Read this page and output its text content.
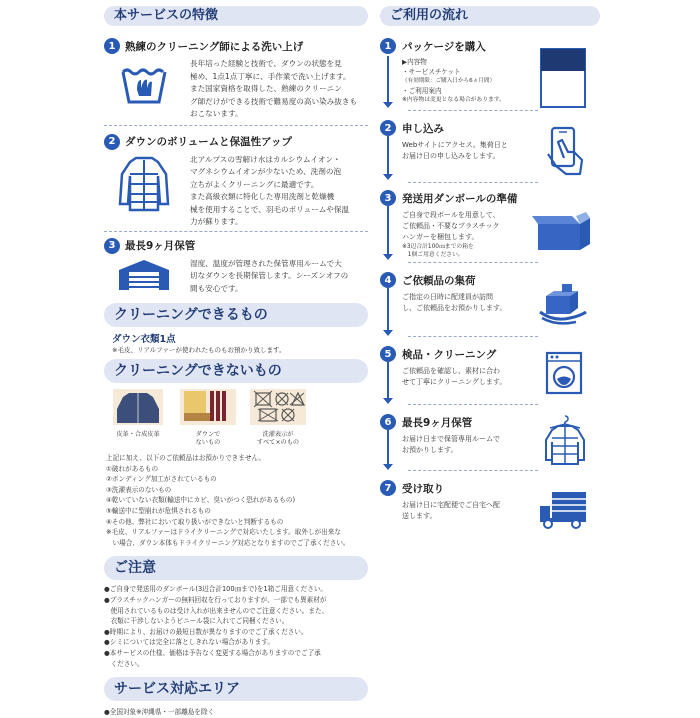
本サービスの特徴
1 熟練のクリーニング師による洗い上げ
長年培った経験と技術で、ダウンの状態を見
極め、1点1点丁寧に、手作業で洗い上げます。
また国家資格を取得した、熟練のクリーニン
グ師だけができる技術で難易度の高い染み抜きも
おこないます。
2 ダウンのボリュームと保温性アップ
北アルプスの雪解け水はカルシウムイオン・
マグネシウムイオンが少ないため、洗剤の泡
立ちがよくクリーニングに最適です。
また高級衣類に特化した専用洗剤と乾燥機
械を使用することで、羽毛のボリュームや保温
力が蘇ります。
3 最長9ヶ月保管
湿度、温度が管理された保管専用ルームで大
切なダウンを長期保管します。シーズンオフの
間も安心です。
クリーニングできるもの
ダウン衣類1点
※毛皮、リアルファーが使われたものもお預かり致します。
クリーニングできないもの
皮革・合成皮革	ダウンで
ないもの
洗濯表示が
すべて×のもの
上記に加え、以下のご依頼品はお預かりできません。
①破れがあるもの
②ボンディング加工がされているもの
③洗濯表示のないもの
④乾いていない衣類(輸送中にカビ、臭いがつく恐れがあるもの)
⑤輸送中に型崩れが危惧されるもの
⑥その他、弊社において取り扱いができないと判断するもの
※毛皮、リアルファーはドライクリーニングで対応いたします。取外しが出来な
　い場合、ダウン本体もドライクリーニング対応となりますのでご了承ください。
ご注意
●ご自身で発送用のダンボール(3辺合計100㎝まで)を1箱ご用意ください。
●プラスチックハンガーの無料回収を行っておりますが、一部でも異素材が
　使用されているものは受け入れが出来ませんのでご注意ください。また、
　衣類に干渉しないようビニール袋に入れてご同梱ください。
●時期により、お届けの最短日数が異なりますのでご了承ください。
●シミについては完全に落としきれない場合があります。
●本サービスの仕様、価格は予告なく変更する場合がありますのでご了承
　ください。
サービス対応エリア
●全国対象※沖縄県・一部離島を除く
ご利用の流れ
1	パッケージを購入
▶内容物
・サービスチケット
（有効期限：ご購入日から6ヵ月間）
・ご利用案内
※内容物は変更となる場合があります。
2	申し込み
Webサイトにアクセス。集荷日と
お届け日の申し込みをします。
3	発送用ダンボールの準備
ご自身で段ボールを用意して、
ご依頼品・不要なプラスチック
ハンガーを梱包します。
※3辺合計100㎝までの箱を
　1個ご用意ください。
4	ご依頼品の集荷
ご指定の日時に配達員が訪問
し、ご依頼品をお預かりします。
5	検品・クリーニング
ご依頼品を確認し、素材に合わ
せて丁寧にクリーニングします。
6	最長9ヶ月保管
お届け日まで保管専用ルームで
お預かりします。
7	受け取り
お届け日に宅配便でご自宅へ配
送します。
